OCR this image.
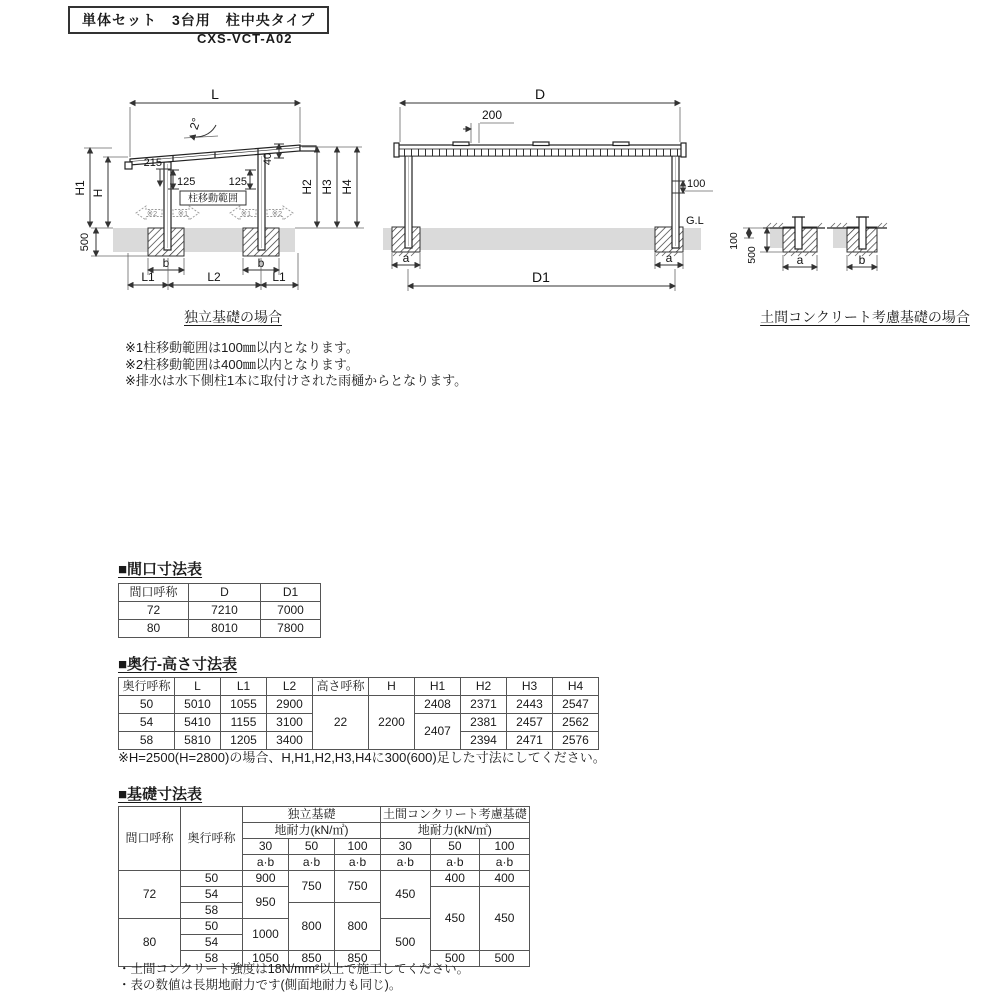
単体セット　3台用　柱中央タイプ
CXS-VCT-A02
L
2°
215	40
125	125
柱移動範囲
※2	※1	※1	※2
H1 H	H2 H3 H4
500
b	b
L1	L2	L1
D
200
100
G.L
a	a
D1
100
500	a	b
独立基礎の場合	土間コンクリート考慮基礎の場合
※1柱移動範囲は100㎜以内となります。
※2柱移動範囲は400㎜以内となります。
※排水は水下側柱1本に取付けされた雨樋からとなります。
■間口寸法表
間口呼称	D	D1
72	7210	7000
80	8010	7800
■奥行-高さ寸法表
奥行呼称	L	L1	L2	高さ呼称	H	H1	H2	H3	H4
50	5010	1055	2900	22	2200	2408	2371	2443	2547
54	5410	1155	3100			2407	2381	2457	2562
58	5810	1205	3400				2394	2471	2576
※H=2500(H=2800)の場合、H,H1,H2,H3,H4に300(600)足した寸法にしてください。
■基礎寸法表
間口呼称	奥行呼称	独立基礎			土間コンクリート考慮基礎		
		地耐力(kN/㎡)			地耐力(kN/㎡)		
		30	50	100	30	50	100
		a·b	a·b	a·b	a·b	a·b	a·b
72	50	900	750	750	450	400	400
	54	950				450	450
	58		800	800			
80	50	1000			500		
	54						
	58	1050	850	850		500	500
・土間コンクリート強度は18N/mm²以上で施工してください。
・表の数値は長期地耐力です(側面地耐力も同じ)。
